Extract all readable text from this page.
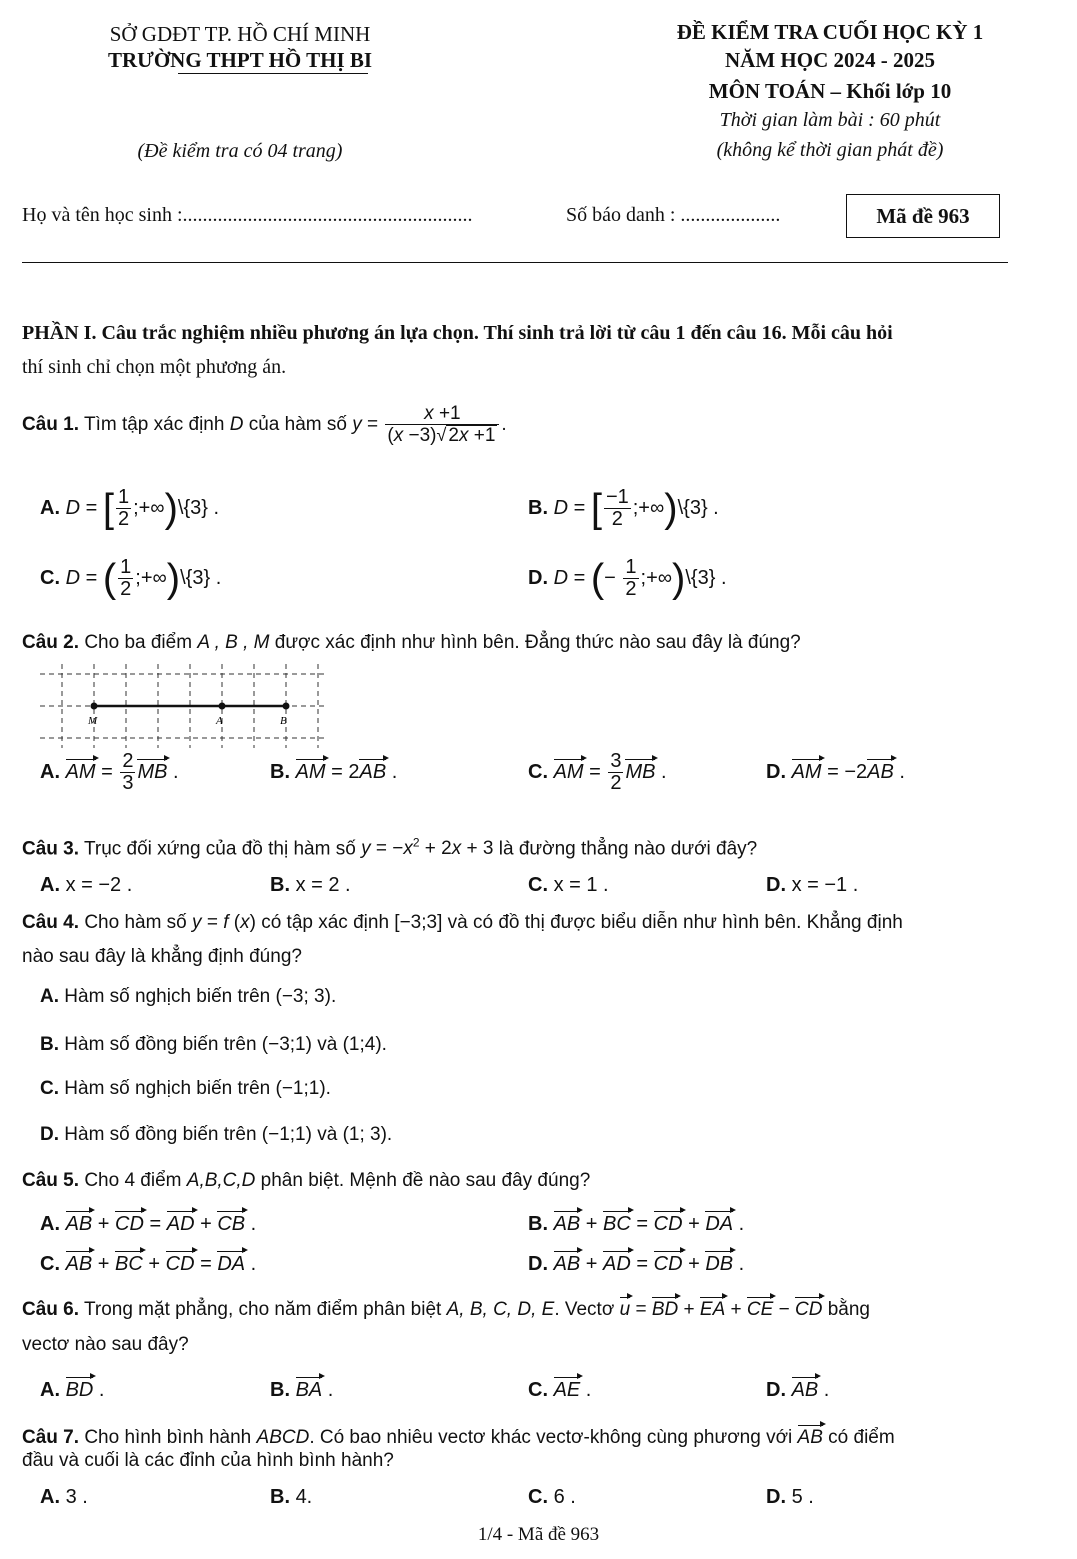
SỞ GDĐT TP. HỒ CHÍ MINH
TRƯỜNG THPT HỒ THỊ BI
(Đề kiểm tra có 04 trang)
ĐỀ KIỂM TRA CUỐI HỌC KỲ 1
NĂM HỌC 2024 - 2025
MÔN TOÁN – Khối lớp 10
Thời gian làm bài : 60 phút
(không kể thời gian phát đề)
Họ và tên học sinh :..........................................................	Số báo danh : ....................	Mã đề 963
PHẦN I. Câu trắc nghiệm nhiều phương án lựa chọn. Thí sinh trả lời từ câu 1 đến câu 16. Mỗi câu hỏi
thí sinh chỉ chọn một phương án.
Câu 1. Tìm tập xác định D của hàm số $y = \frac{x +1}{(x -3)√ 2x +1}$ .
A. D = [ $\frac{1}{2}$ ;+∞)\{3} .	B. D = [ $\frac{-1}{2}$ ;+∞)\{3} .
C. D = ( $\frac{1}{2}$ ;+∞)\{3} .	D. D = (− $\frac{1}{2}$ ;+∞)\{3} .
Câu 2. Cho ba điểm A , B , M được xác định như hình bên. Đẳng thức nào sau đây là đúng?
M	A	B
A. AM = $\frac{2}{3}$ MB .	B. AM = 2AB .	C. AM = $\frac{3}{2}$ MB .	D. AM = −2AB .
Câu 3. Trục đối xứng của đồ thị hàm số $y = -x^2 + 2x + 3$ là đường thẳng nào dưới đây?
A. x = −2 .	B. x = 2 .	C. x = 1 .	D. x = −1 .
Câu 4. Cho hàm số y = f (x) có tập xác định [−3;3] và có đồ thị được biểu diễn như hình bên. Khẳng định
nào sau đây là khẳng định đúng?
A. Hàm số nghịch biến trên (−3; 3).
B. Hàm số đồng biến trên (−3;1) và (1;4).
C. Hàm số nghịch biến trên (−1;1).
D. Hàm số đồng biến trên (−1;1) và (1; 3).
Câu 5. Cho 4 điểm A,B,C,D phân biệt. Mệnh đề nào sau đây đúng?
A. AB + CD = AD + CB .	B. AB + BC = CD + DA .
C. AB + BC + CD = DA .	D. AB + AD = CD + DB .
Câu 6. Trong mặt phẳng, cho năm điểm phân biệt A, B, C, D, E. Vectơ u = BD + EA + CE − CD bằng
vectơ nào sau đây?
A. BD .	B. BA .	C. AE .	D. AB .
Câu 7. Cho hình bình hành ABCD. Có bao nhiêu vectơ khác vectơ-không cùng phương với AB có điểm
đầu và cuối là các đỉnh của hình bình hành?
A. 3 .	B. 4.	C. 6 .	D. 5 .
1/4 - Mã đề 963
